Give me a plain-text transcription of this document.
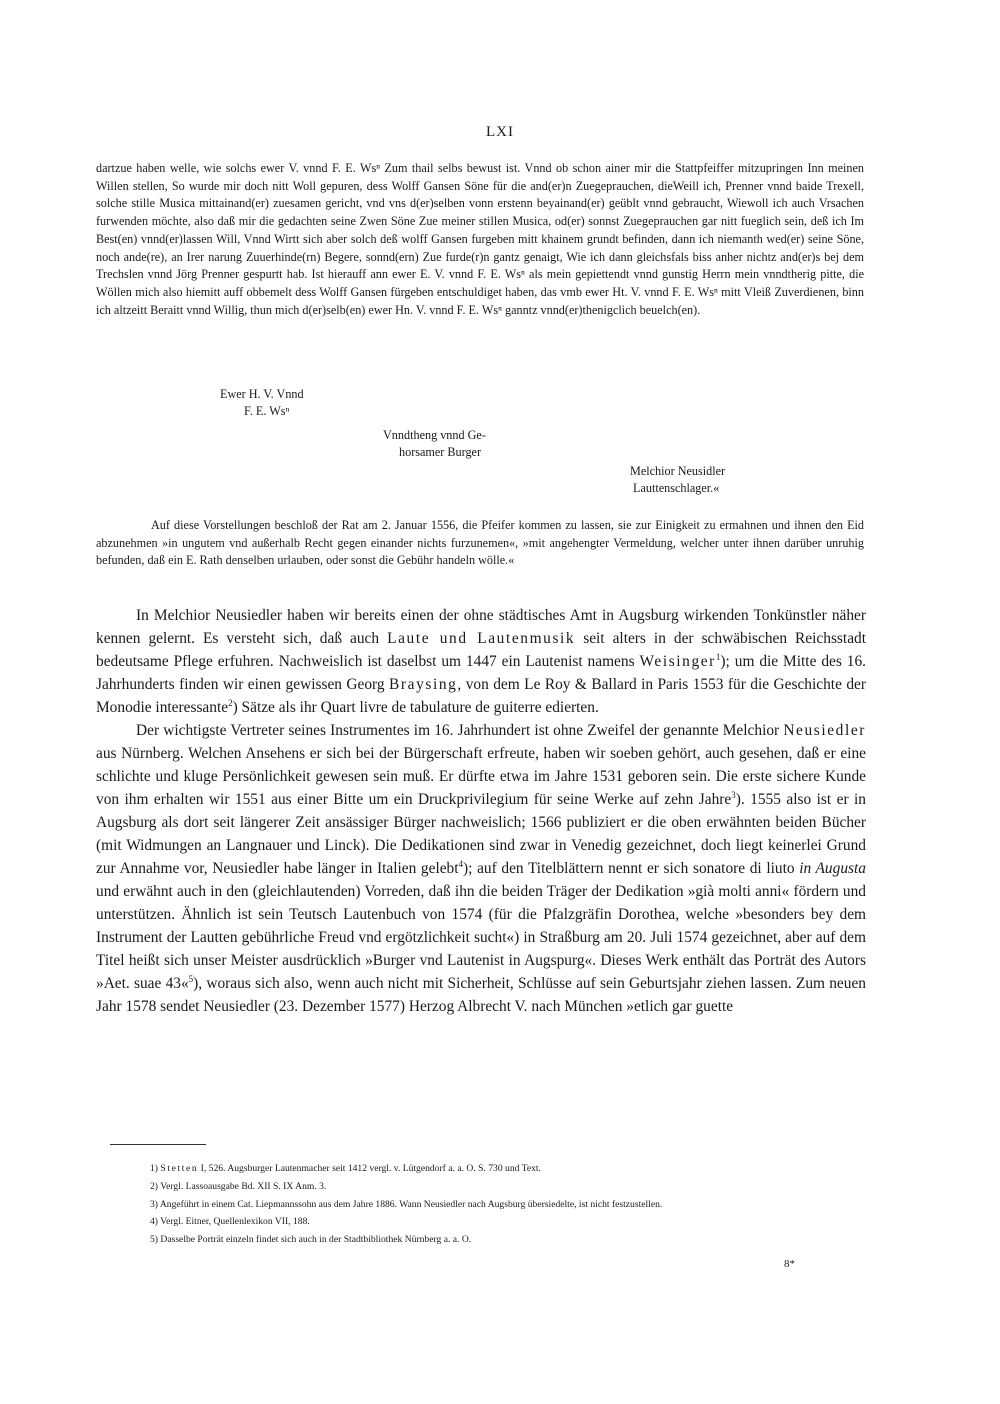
LXI

dartzue haben welle, wie solchs ewer V. vnnd F. E. Wsⁿ Zum thail selbs bewust ist. Vnnd ob schon ainer mir die Stattpfeiffer mitzupringen Inn meinen Willen stellen, So wurde mir doch nitt Woll gepuren, dess Wolff Gansen Söne für die and(er)n Zuegeprauchen, dieWeill ich, Prenner vnnd baide Trexell, solche stille Musica mittainand(er) zuesamen gericht, vnd vns d(er)selben vonn erstenn beyainand(er) geüblt vnnd gebraucht, Wiewoll ich auch Vrsachen furwenden möchte, also daß mir die gedachten seine Zwen Söne Zue meiner stillen Musica, od(er) sonnst Zuegeprauchen gar nitt fueglich sein, deß ich Im Best(en) vnnd(er)lassen Will, Vnnd Wirtt sich aber solch deß wolff Gansen furgeben mitt khainem grundt befinden, dann ich niemanth wed(er) seine Söne, noch ande(re), an Irer narung Zuuerhinde(rn) Begere, sonnd(ern) Zue furde(r)n gantz genaigt, Wie ich dann gleichsfals biss anher nichtz and(er)s bej dem Trechslen vnnd Jörg Prenner gespurtt hab. Ist hierauff ann ewer E. V. vnnd F. E. Wsⁿ als mein gepiettendt vnnd gunstig Herrn mein vnndtherig pitte, die Wöllen mich also hiemitt auff obbemelt dess Wolff Gansen fürgeben entschuldiget haben, das vmb ewer Ht. V. vnnd F. E. Wsⁿ mitt Vleiß Zuverdienen, binn ich altzeitt Beraitt vnnd Willig, thun mich d(er)selb(en) ewer Hn. V. vnnd F. E. Wsⁿ ganntz vnnd(er)thenigclich beuelch(en).

Ewer H. V. Vnnd
F. E. Wsⁿ
Vnndtheng vnnd Ge-
horsamer Burger
Melchior Neusidler
Lauttenschlager.«

Auf diese Vorstellungen beschloß der Rat am 2. Januar 1556, die Pfeifer kommen zu lassen, sie zur Einigkeit zu ermahnen und ihnen den Eid abzunehmen »in ungutem vnd außerhalb Recht gegen einander nichts furzunemen«, »mit angehengter Vermeldung, welcher unter ihnen darüber unruhig befunden, daß ein E. Rath denselben urlauben, oder sonst die Gebühr handeln wölle.«

In Melchior Neusiedler haben wir bereits einen der ohne städtisches Amt in Augsburg wirkenden Tonkünstler näher kennen gelernt. Es versteht sich, daß auch Laute und Lautenmusik seit alters in der schwäbischen Reichsstadt bedeutsame Pflege erfuhren. Nachweislich ist daselbst um 1447 ein Lautenist namens Weisinger$^1$); um die Mitte des 16. Jahrhunderts finden wir einen gewissen Georg Braysing, von dem Le Roy & Ballard in Paris 1553 für die Geschichte der Monodie interessante$^2$) Sätze als ihr Quart livre de tabulature de guiterre edierten.

Der wichtigste Vertreter seines Instrumentes im 16. Jahrhundert ist ohne Zweifel der genannte Melchior Neusiedler aus Nürnberg. Welchen Ansehens er sich bei der Bürgerschaft erfreute, haben wir soeben gehört, auch gesehen, daß er eine schlichte und kluge Persönlichkeit gewesen sein muß. Er dürfte etwa im Jahre 1531 geboren sein. Die erste sichere Kunde von ihm erhalten wir 1551 aus einer Bitte um ein Druckprivilegium für seine Werke auf zehn Jahre$^3$). 1555 also ist er in Augsburg als dort seit längerer Zeit ansässiger Bürger nachweislich; 1566 publiziert er die oben erwähnten beiden Bücher (mit Widmungen an Langnauer und Linck). Die Dedikationen sind zwar in Venedig gezeichnet, doch liegt keinerlei Grund zur Annahme vor, Neusiedler habe länger in Italien gelebt$^4$); auf den Titelblättern nennt er sich sonatore di liuto in Augusta und erwähnt auch in den (gleichlautenden) Vorreden, daß ihn die beiden Träger der Dedikation »già molti anni« fördern und unterstützen. Ähnlich ist sein Teutsch Lautenbuch von 1574 (für die Pfalzgräfin Dorothea, welche »besonders bey dem Instrument der Lautten gebührliche Freud vnd ergötzlichkeit sucht«) in Straßburg am 20. Juli 1574 gezeichnet, aber auf dem Titel heißt sich unser Meister ausdrücklich »Burger vnd Lautenist in Augspurg«. Dieses Werk enthält das Porträt des Autors »Aet. suae 43«$^5$), woraus sich also, wenn auch nicht mit Sicherheit, Schlüsse auf sein Geburtsjahr ziehen lassen. Zum neuen Jahr 1578 sendet Neusiedler (23. Dezember 1577) Herzog Albrecht V. nach München »etlich gar guette

1) Stetten I, 526. Augsburger Lautenmacher seit 1412 vergl. v. Lütgendorf a. a. O. S. 730 und Text.
2) Vergl. Lassoausgabe Bd. XII S. IX Anm. 3.
3) Angeführt in einem Cat. Liepmannssohn aus dem Jahre 1886. Wann Neusiedler nach Augsburg übersiedelte, ist nicht festzustellen.
4) Vergl. Eitner, Quellenlexikon VII, 188.
5) Dasselbe Porträt einzeln findet sich auch in der Stadtbibliothek Nürnberg a. a. O.
8*
